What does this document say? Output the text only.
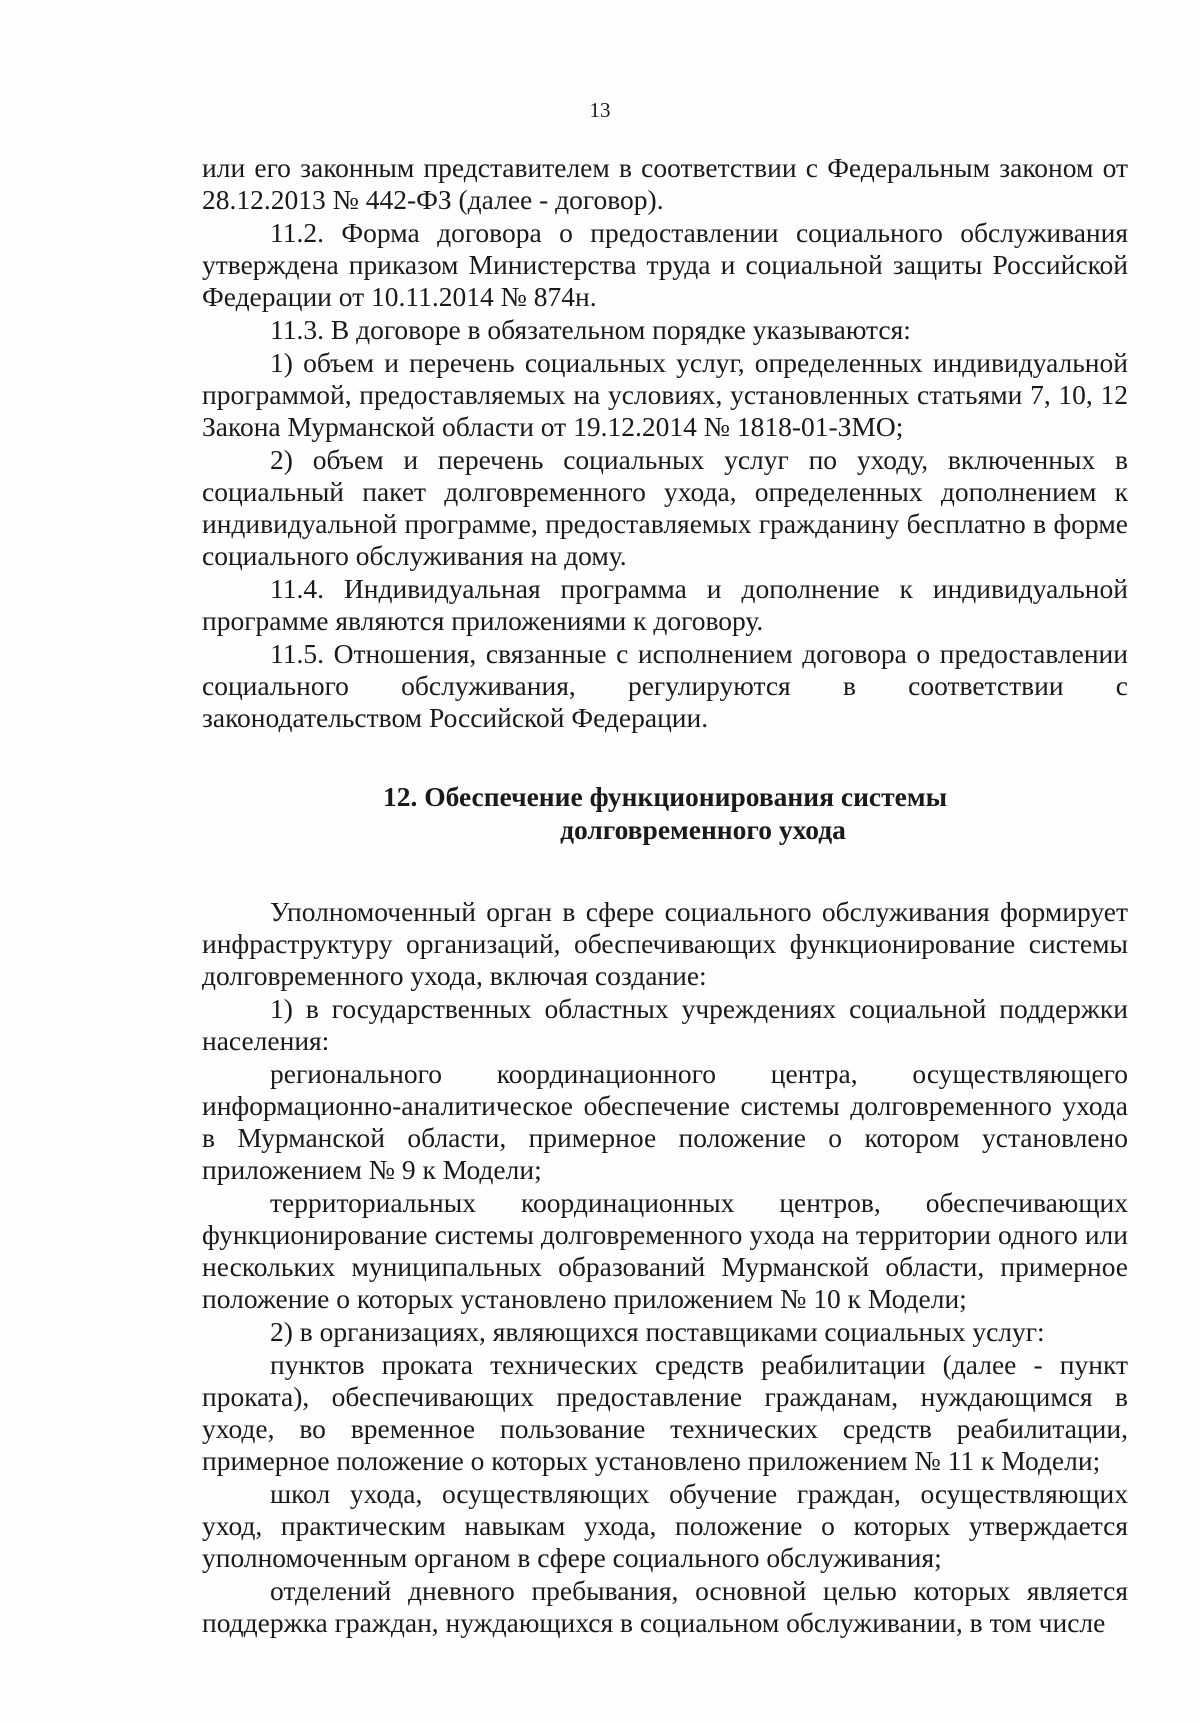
13

или его законным представителем в соответствии с Федеральным законом от 28.12.2013 № 442-ФЗ (далее - договор).

11.2. Форма договора о предоставлении социального обслуживания утверждена приказом Министерства труда и социальной защиты Российской Федерации от 10.11.2014 № 874н.

11.3. В договоре в обязательном порядке указываются:

1) объем и перечень социальных услуг, определенных индивидуальной программой, предоставляемых на условиях, установленных статьями 7, 10, 12 Закона Мурманской области от 19.12.2014 № 1818-01-ЗМО;

2) объем и перечень социальных услуг по уходу, включенных в социальный пакет долговременного ухода, определенных дополнением к индивидуальной программе, предоставляемых гражданину бесплатно в форме социального обслуживания на дому.

11.4. Индивидуальная программа и дополнение к индивидуальной программе являются приложениями к договору.

11.5. Отношения, связанные с исполнением договора о предоставлении социального обслуживания, регулируются в соответствии с законодательством Российской Федерации.

12. Обеспечение функционирования системы
долговременного ухода

Уполномоченный орган в сфере социального обслуживания формирует инфраструктуру организаций, обеспечивающих функционирование системы долговременного ухода, включая создание:

1) в государственных областных учреждениях социальной поддержки населения:

регионального координационного центра, осуществляющего информационно-аналитическое обеспечение системы долговременного ухода в Мурманской области, примерное положение о котором установлено приложением № 9 к Модели;

территориальных координационных центров, обеспечивающих функционирование системы долговременного ухода на территории одного или нескольких муниципальных образований Мурманской области, примерное положение о которых установлено приложением № 10 к Модели;

2) в организациях, являющихся поставщиками социальных услуг:

пунктов проката технических средств реабилитации (далее - пункт проката), обеспечивающих предоставление гражданам, нуждающимся в уходе, во временное пользование технических средств реабилитации, примерное положение о которых установлено приложением № 11 к Модели;

школ ухода, осуществляющих обучение граждан, осуществляющих уход, практическим навыкам ухода, положение о которых утверждается уполномоченным органом в сфере социального обслуживания;

отделений дневного пребывания, основной целью которых является поддержка граждан, нуждающихся в социальном обслуживании, в том числе
